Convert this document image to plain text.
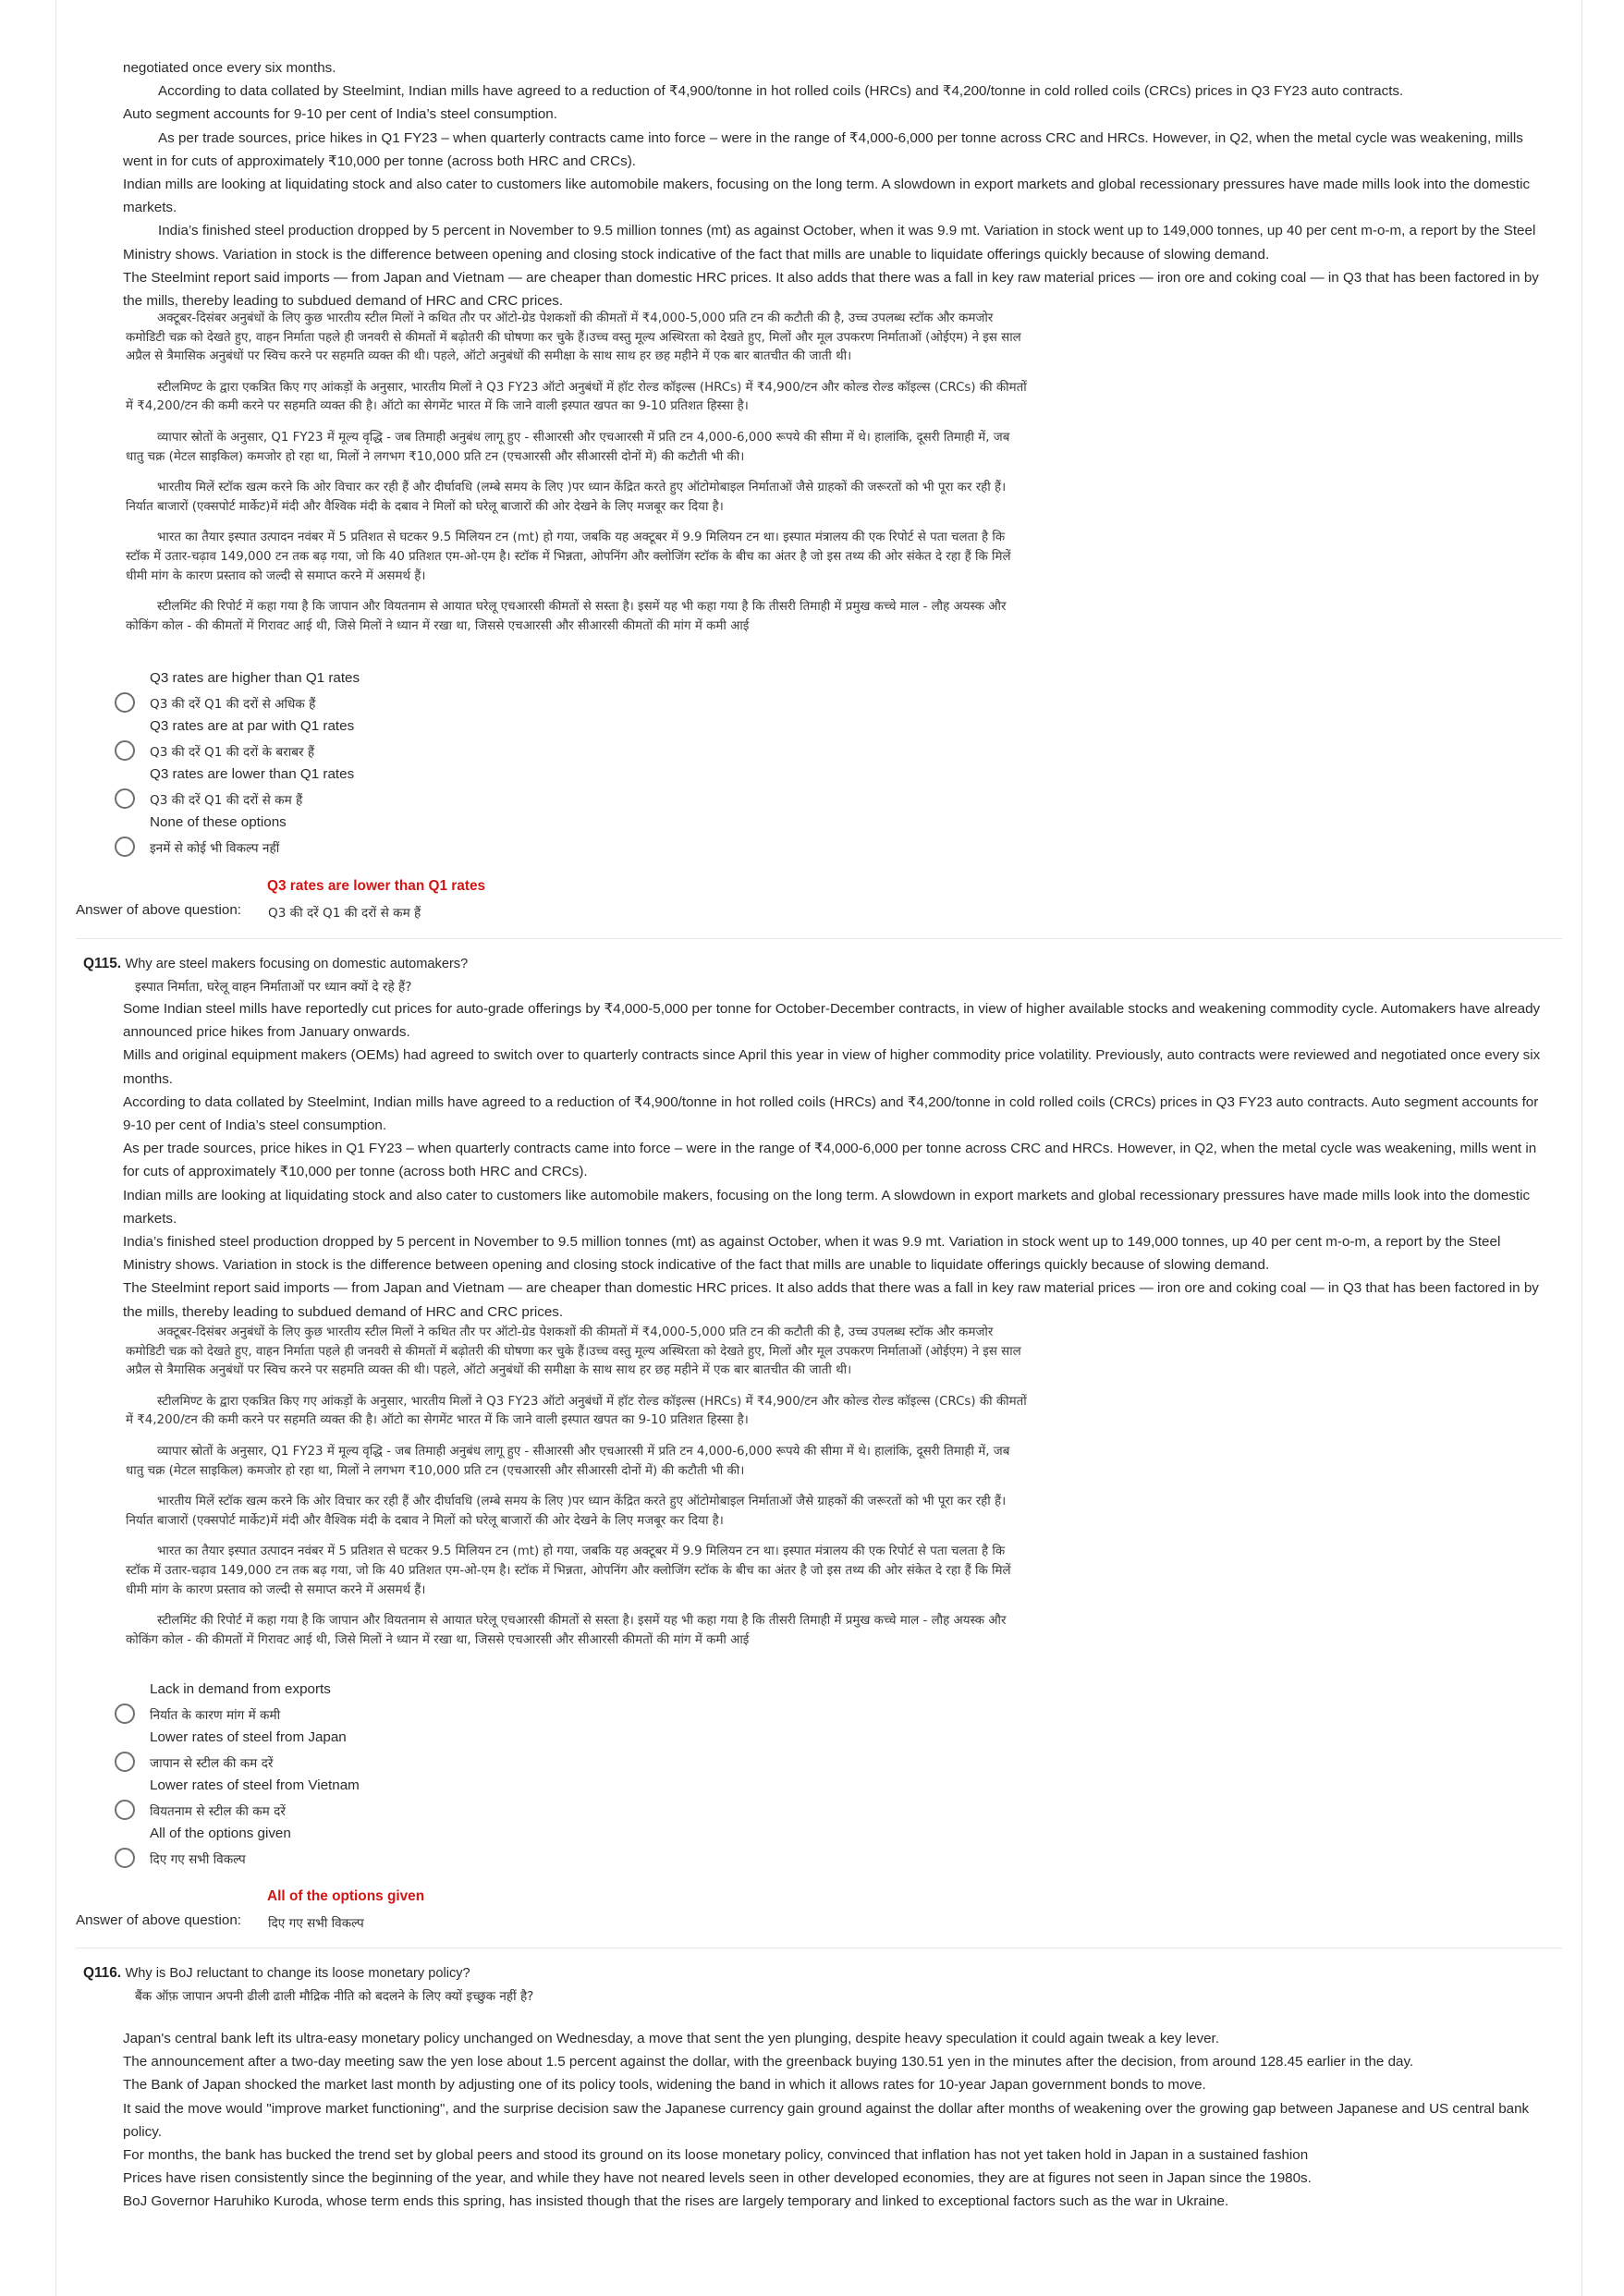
negotiated once every six months.

According to data collated by Steelmint, Indian mills have agreed to a reduction of ₹4,900/tonne in hot rolled coils (HRCs) and ₹4,200/tonne in cold rolled coils (CRCs) prices in Q3 FY23 auto contracts.

Auto segment accounts for 9-10 per cent of India’s steel consumption.

As per trade sources, price hikes in Q1 FY23 – when quarterly contracts came into force – were in the range of ₹4,000-6,000 per tonne across CRC and HRCs. However, in Q2, when the metal cycle was weakening, mills went in for cuts of approximately ₹10,000 per tonne (across both HRC and CRCs).

Indian mills are looking at liquidating stock and also cater to customers like automobile makers, focusing on the long term. A slowdown in export markets and global recessionary pressures have made mills look into the domestic markets.

India’s finished steel production dropped by 5 percent in November to 9.5 million tonnes (mt) as against October, when it was 9.9 mt. Variation in stock went up to 149,000 tonnes, up 40 per cent m-o-m, a report by the Steel Ministry shows. Variation in stock is the difference between opening and closing stock indicative of the fact that mills are unable to liquidate offerings quickly because of slowing demand.

The Steelmint report said imports — from Japan and Vietnam — are cheaper than domestic HRC prices. It also adds that there was a fall in key raw material prices — iron ore and coking coal — in Q3 that has been factored in by the mills, thereby leading to subdued demand of HRC and CRC prices.

अक्टूबर-दिसंबर अनुबंधों के लिए कुछ भारतीय स्टील मिलों ने कथित तौर पर ऑटो-ग्रेड पेशकशों की कीमतों में ₹4,000-5,000 प्रति टन की कटौती की है, उच्च उपलब्ध स्टॉक और कमजोर कमोडिटी चक्र को देखते हुए, वाहन निर्माता पहले ही जनवरी से कीमतों में बढ़ोतरी की घोषणा कर चुके हैं।उच्च वस्तु मूल्य अस्थिरता को देखते हुए, मिलों और मूल उपकरण निर्माताओं (ओईएम) ने इस साल अप्रैल से त्रैमासिक अनुबंधों पर स्विच करने पर सहमति व्यक्त की थी। पहले, ऑटो अनुबंधों की समीक्षा के साथ साथ हर छह महीने में एक बार बातचीत की जाती थी।

स्टीलमिण्ट के द्वारा एकत्रित किए गए आंकड़ों के अनुसार, भारतीय मिलों ने Q3 FY23 ऑटो अनुबंधों में हॉट रोल्ड कॉइल्स (HRCs) में ₹4,900/टन और कोल्ड रोल्ड कॉइल्स (CRCs) की कीमतों में ₹4,200/टन की कमी करने पर सहमति व्यक्त की है। ऑटो का सेगमेंट भारत में कि जाने वाली इस्पात खपत का 9-10 प्रतिशत हिस्सा है।

व्यापार स्रोतों के अनुसार, Q1 FY23 में मूल्य वृद्धि - जब तिमाही अनुबंध लागू हुए - सीआरसी और एचआरसी में प्रति टन 4,000-6,000 रूपये की सीमा में थे। हालांकि, दूसरी तिमाही में, जब धातु चक्र (मेटल साइकिल) कमजोर हो रहा था, मिलों ने लगभग ₹10,000 प्रति टन (एचआरसी और सीआरसी दोनों में) की कटौती भी की।

भारतीय मिलें स्टॉक खत्म करने कि ओर विचार कर रही हैं और दीर्घावधि (लम्बे समय के लिए )पर ध्यान केंद्रित करते हुए ऑटोमोबाइल निर्माताओं जैसे ग्राहकों की जरूरतों को भी पूरा कर रही हैं। निर्यात बाजारों (एक्सपोर्ट मार्केट)में मंदी और वैश्विक मंदी के दबाव ने मिलों को घरेलू बाजारों की ओर देखने के लिए मजबूर कर दिया है।

भारत का तैयार इस्पात उत्पादन नवंबर में 5 प्रतिशत से घटकर 9.5 मिलियन टन (mt) हो गया, जबकि यह अक्टूबर में 9.9 मिलियन टन था। इस्पात मंत्रालय की एक रिपोर्ट से पता चलता है कि स्टॉक में उतार-चढ़ाव 149,000 टन तक बढ़ गया, जो कि 40 प्रतिशत एम-ओ-एम है। स्टॉक में भिन्नता, ओपनिंग और क्लोजिंग स्टॉक के बीच का अंतर है जो इस तथ्य की ओर संकेत दे रहा हैं कि मिलें धीमी मांग के कारण प्रस्ताव को जल्दी से समाप्त करने में असमर्थ हैं।

स्टीलमिंट की रिपोर्ट में कहा गया है कि जापान और वियतनाम से आयात घरेलू एचआरसी कीमतों से सस्ता है। इसमें यह भी कहा गया है कि तीसरी तिमाही में प्रमुख कच्चे माल - लौह अयस्क और कोकिंग कोल - की कीमतों में गिरावट आई थी, जिसे मिलों ने ध्यान में रखा था, जिससे एचआरसी और सीआरसी कीमतों की मांग में कमी आई

Q3 rates are higher than Q1 rates
Q3 की दरें Q1 की दरों से अधिक हैं
Q3 rates are at par with Q1 rates
Q3 की दरें Q1 की दरों के बराबर हैं
Q3 rates are lower than Q1 rates
Q3 की दरें Q1 की दरों से कम हैं
None of these options
इनमें से कोई भी विकल्प नहीं
Q3 rates are lower than Q1 rates
Answer of above question: Q3 की दरें Q1 की दरों से कम हैं
Q115. Why are steel makers focusing on domestic automakers?
इस्पात निर्माता, घरेलू वाहन निर्माताओं पर ध्यान क्यों दे रहे हैं?

Some Indian steel mills have reportedly cut prices for auto-grade offerings by ₹4,000-5,000 per tonne for October-December contracts, in view of higher available stocks and weakening commodity cycle. Automakers have already announced price hikes from January onwards.

Mills and original equipment makers (OEMs) had agreed to switch over to quarterly contracts since April this year in view of higher commodity price volatility. Previously, auto contracts were reviewed and negotiated once every six months.

According to data collated by Steelmint, Indian mills have agreed to a reduction of ₹4,900/tonne in hot rolled coils (HRCs) and ₹4,200/tonne in cold rolled coils (CRCs) prices in Q3 FY23 auto contracts. Auto segment accounts for 9-10 per cent of India’s steel consumption.

As per trade sources, price hikes in Q1 FY23 – when quarterly contracts came into force – were in the range of ₹4,000-6,000 per tonne across CRC and HRCs. However, in Q2, when the metal cycle was weakening, mills went in for cuts of approximately ₹10,000 per tonne (across both HRC and CRCs).

Indian mills are looking at liquidating stock and also cater to customers like automobile makers, focusing on the long term. A slowdown in export markets and global recessionary pressures have made mills look into the domestic markets.

India’s finished steel production dropped by 5 percent in November to 9.5 million tonnes (mt) as against October, when it was 9.9 mt. Variation in stock went up to 149,000 tonnes, up 40 per cent m-o-m, a report by the Steel Ministry shows. Variation in stock is the difference between opening and closing stock indicative of the fact that mills are unable to liquidate offerings quickly because of slowing demand.

The Steelmint report said imports — from Japan and Vietnam — are cheaper than domestic HRC prices. It also adds that there was a fall in key raw material prices — iron ore and coking coal — in Q3 that has been factored in by the mills, thereby leading to subdued demand of HRC and CRC prices.

अक्टूबर-दिसंबर अनुबंधों के लिए कुछ भारतीय स्टील मिलों ने कथित तौर पर ऑटो-ग्रेड पेशकशों की कीमतों में ₹4,000-5,000 प्रति टन की कटौती की है, उच्च उपलब्ध स्टॉक और कमजोर कमोडिटी चक्र को देखते हुए, वाहन निर्माता पहले ही जनवरी से कीमतों में बढ़ोतरी की घोषणा कर चुके हैं।उच्च वस्तु मूल्य अस्थिरता को देखते हुए, मिलों और मूल उपकरण निर्माताओं (ओईएम) ने इस साल अप्रैल से त्रैमासिक अनुबंधों पर स्विच करने पर सहमति व्यक्त की थी। पहले, ऑटो अनुबंधों की समीक्षा के साथ साथ हर छह महीने में एक बार बातचीत की जाती थी।

स्टीलमिण्ट के द्वारा एकत्रित किए गए आंकड़ों के अनुसार, भारतीय मिलों ने Q3 FY23 ऑटो अनुबंधों में हॉट रोल्ड कॉइल्स (HRCs) में ₹4,900/टन और कोल्ड रोल्ड कॉइल्स (CRCs) की कीमतों में ₹4,200/टन की कमी करने पर सहमति व्यक्त की है। ऑटो का सेगमेंट भारत में कि जाने वाली इस्पात खपत का 9-10 प्रतिशत हिस्सा है।

व्यापार स्रोतों के अनुसार, Q1 FY23 में मूल्य वृद्धि - जब तिमाही अनुबंध लागू हुए - सीआरसी और एचआरसी में प्रति टन 4,000-6,000 रूपये की सीमा में थे। हालांकि, दूसरी तिमाही में, जब धातु चक्र (मेटल साइकिल) कमजोर हो रहा था, मिलों ने लगभग ₹10,000 प्रति टन (एचआरसी और सीआरसी दोनों में) की कटौती भी की।

भारतीय मिलें स्टॉक खत्म करने कि ओर विचार कर रही हैं और दीर्घावधि (लम्बे समय के लिए )पर ध्यान केंद्रित करते हुए ऑटोमोबाइल निर्माताओं जैसे ग्राहकों की जरूरतों को भी पूरा कर रही हैं। निर्यात बाजारों (एक्सपोर्ट मार्केट)में मंदी और वैश्विक मंदी के दबाव ने मिलों को घरेलू बाजारों की ओर देखने के लिए मजबूर कर दिया है।

भारत का तैयार इस्पात उत्पादन नवंबर में 5 प्रतिशत से घटकर 9.5 मिलियन टन (mt) हो गया, जबकि यह अक्टूबर में 9.9 मिलियन टन था। इस्पात मंत्रालय की एक रिपोर्ट से पता चलता है कि स्टॉक में उतार-चढ़ाव 149,000 टन तक बढ़ गया, जो कि 40 प्रतिशत एम-ओ-एम है। स्टॉक में भिन्नता, ओपनिंग और क्लोजिंग स्टॉक के बीच का अंतर है जो इस तथ्य की ओर संकेत दे रहा हैं कि मिलें धीमी मांग के कारण प्रस्ताव को जल्दी से समाप्त करने में असमर्थ हैं।

स्टीलमिंट की रिपोर्ट में कहा गया है कि जापान और वियतनाम से आयात घरेलू एचआरसी कीमतों से सस्ता है। इसमें यह भी कहा गया है कि तीसरी तिमाही में प्रमुख कच्चे माल - लौह अयस्क और कोकिंग कोल - की कीमतों में गिरावट आई थी, जिसे मिलों ने ध्यान में रखा था, जिससे एचआरसी और सीआरसी कीमतों की मांग में कमी आई

Lack in demand from exports
निर्यात के कारण मांग में कमी
Lower rates of steel from Japan
जापान से स्टील की कम दरें
Lower rates of steel from Vietnam
वियतनाम से स्टील की कम दरें
All of the options given
दिए गए सभी विकल्प
All of the options given
Answer of above question: दिए गए सभी विकल्प
Q116. Why is BoJ reluctant to change its loose monetary policy?
बैंक ऑफ़ जापान अपनी ढीली ढाली मौद्रिक नीति को बदलने के लिए क्यों इच्छुक नहीं है?

Japan's central bank left its ultra-easy monetary policy unchanged on Wednesday, a move that sent the yen plunging, despite heavy speculation it could again tweak a key lever.

The announcement after a two-day meeting saw the yen lose about 1.5 percent against the dollar, with the greenback buying 130.51 yen in the minutes after the decision, from around 128.45 earlier in the day.

The Bank of Japan shocked the market last month by adjusting one of its policy tools, widening the band in which it allows rates for 10-year Japan government bonds to move.

It said the move would "improve market functioning", and the surprise decision saw the Japanese currency gain ground against the dollar after months of weakening over the growing gap between Japanese and US central bank policy.

For months, the bank has bucked the trend set by global peers and stood its ground on its loose monetary policy, convinced that inflation has not yet taken hold in Japan in a sustained fashion

Prices have risen consistently since the beginning of the year, and while they have not neared levels seen in other developed economies, they are at figures not seen in Japan since the 1980s.

BoJ Governor Haruhiko Kuroda, whose term ends this spring, has insisted though that the rises are largely temporary and linked to exceptional factors such as the war in Ukraine.
